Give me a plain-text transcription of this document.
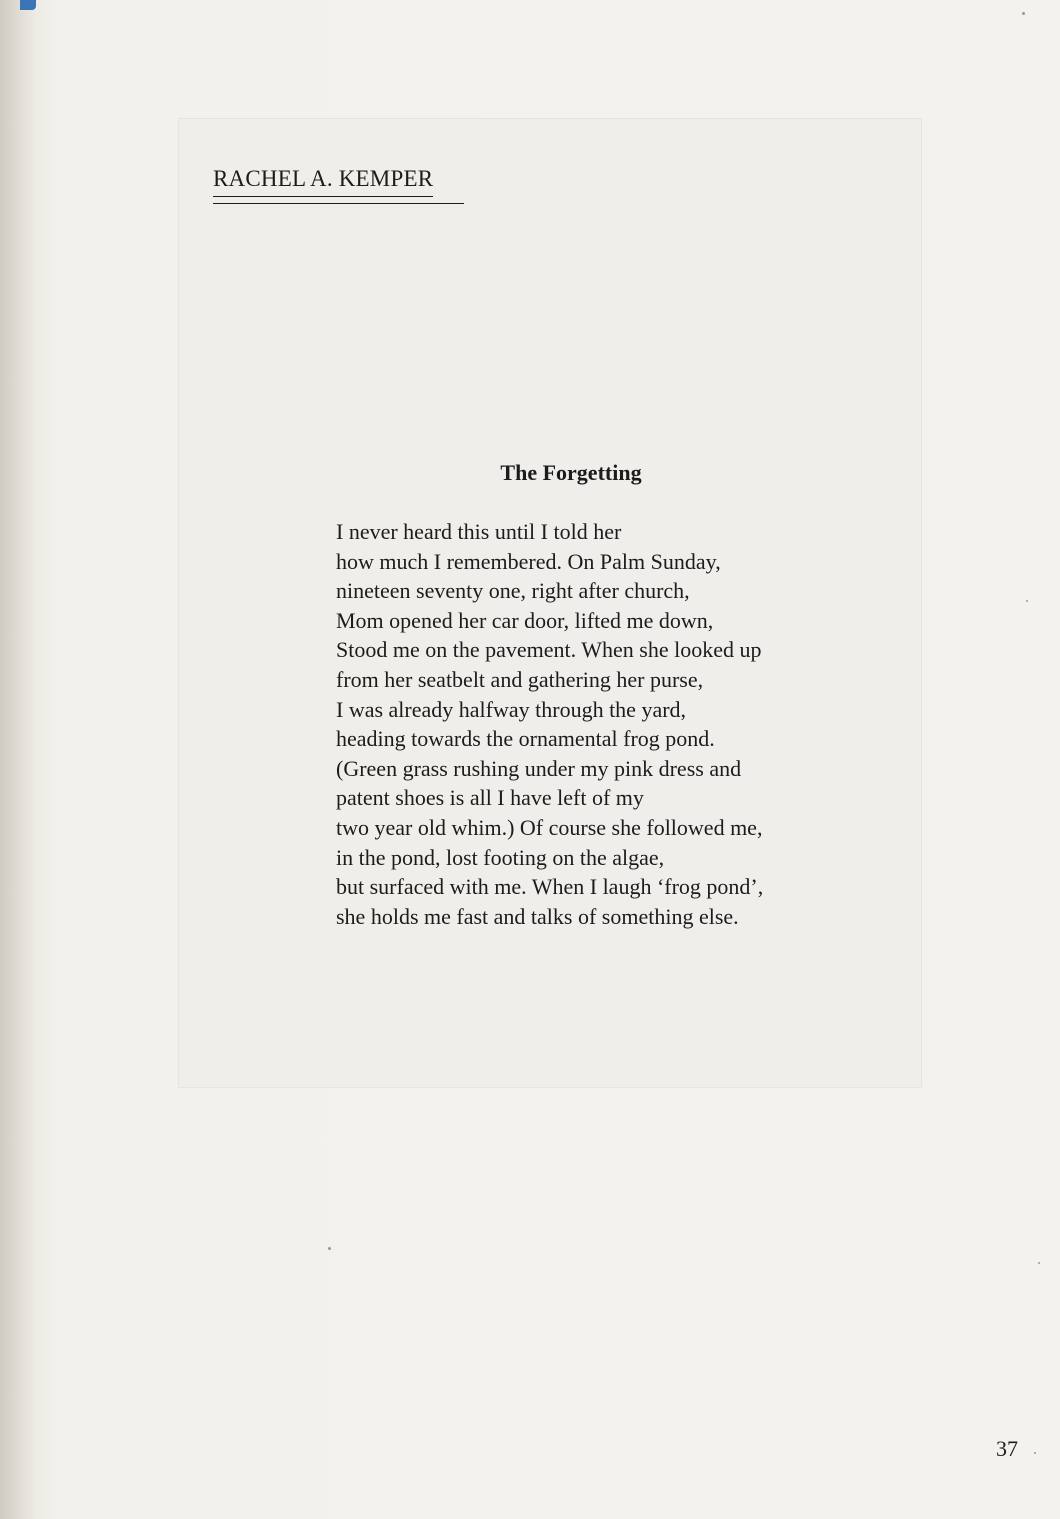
RACHEL A. KEMPER
The Forgetting
I never heard this until I told her
how much I remembered. On Palm Sunday,
nineteen seventy one, right after church,
Mom opened her car door, lifted me down,
Stood me on the pavement. When she looked up
from her seatbelt and gathering her purse,
I was already halfway through the yard,
heading towards the ornamental frog pond.
(Green grass rushing under my pink dress and
patent shoes is all I have left of my
two year old whim.) Of course she followed me,
in the pond, lost footing on the algae,
but surfaced with me. When I laugh ‘frog pond’,
she holds me fast and talks of something else.
37
